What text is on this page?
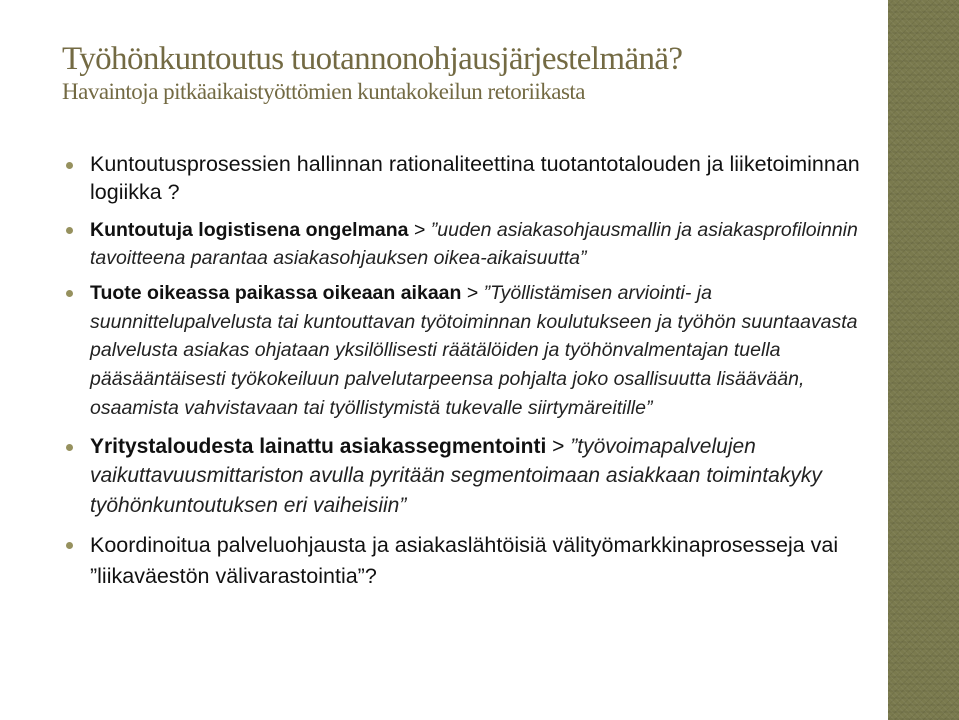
Työhönkuntoutus tuotannonohjausjärjestelmänä?
Havaintoja pitkäaikaistyöttömien kuntakokeilun retoriikasta
Kuntoutusprosessien hallinnan rationaliteettina tuotantotalouden ja liiketoiminnan logiikka ?
Kuntoutuja logistisena ongelmana > ”uuden asiakasohjausmallin ja asiakasprofiloinnin tavoitteena parantaa asiakasohjauksen oikea-aikaisuutta”
Tuote oikeassa paikassa oikeaan aikaan > ”Työllistämisen arviointi- ja suunnittelupalvelusta tai kuntouttavan työtoiminnan koulutukseen ja työhön suuntaavasta palvelusta asiakas ohjataan yksilöllisesti räätälöiden ja työhönvalmentajan tuella pääsääntäisesti työkokeiluun palvelutarpeensa pohjalta joko osallisuutta lisäävään, osaamista vahvistavaan tai työllistymistä tukevalle siirtymäreitille”
Yritystaloudesta lainattu asiakassegmentointi > ”työvoimapalvelujen vaikuttavuusmittariston avulla pyritään segmentoimaan asiakkaan toimintakyky työhönkuntoutuksen eri vaiheisiin”
Koordinoitua palveluohjausta ja asiakaslähtöisiä välityömarkkinaprosesseja vai ”liikaväestön välivarastointia”?
